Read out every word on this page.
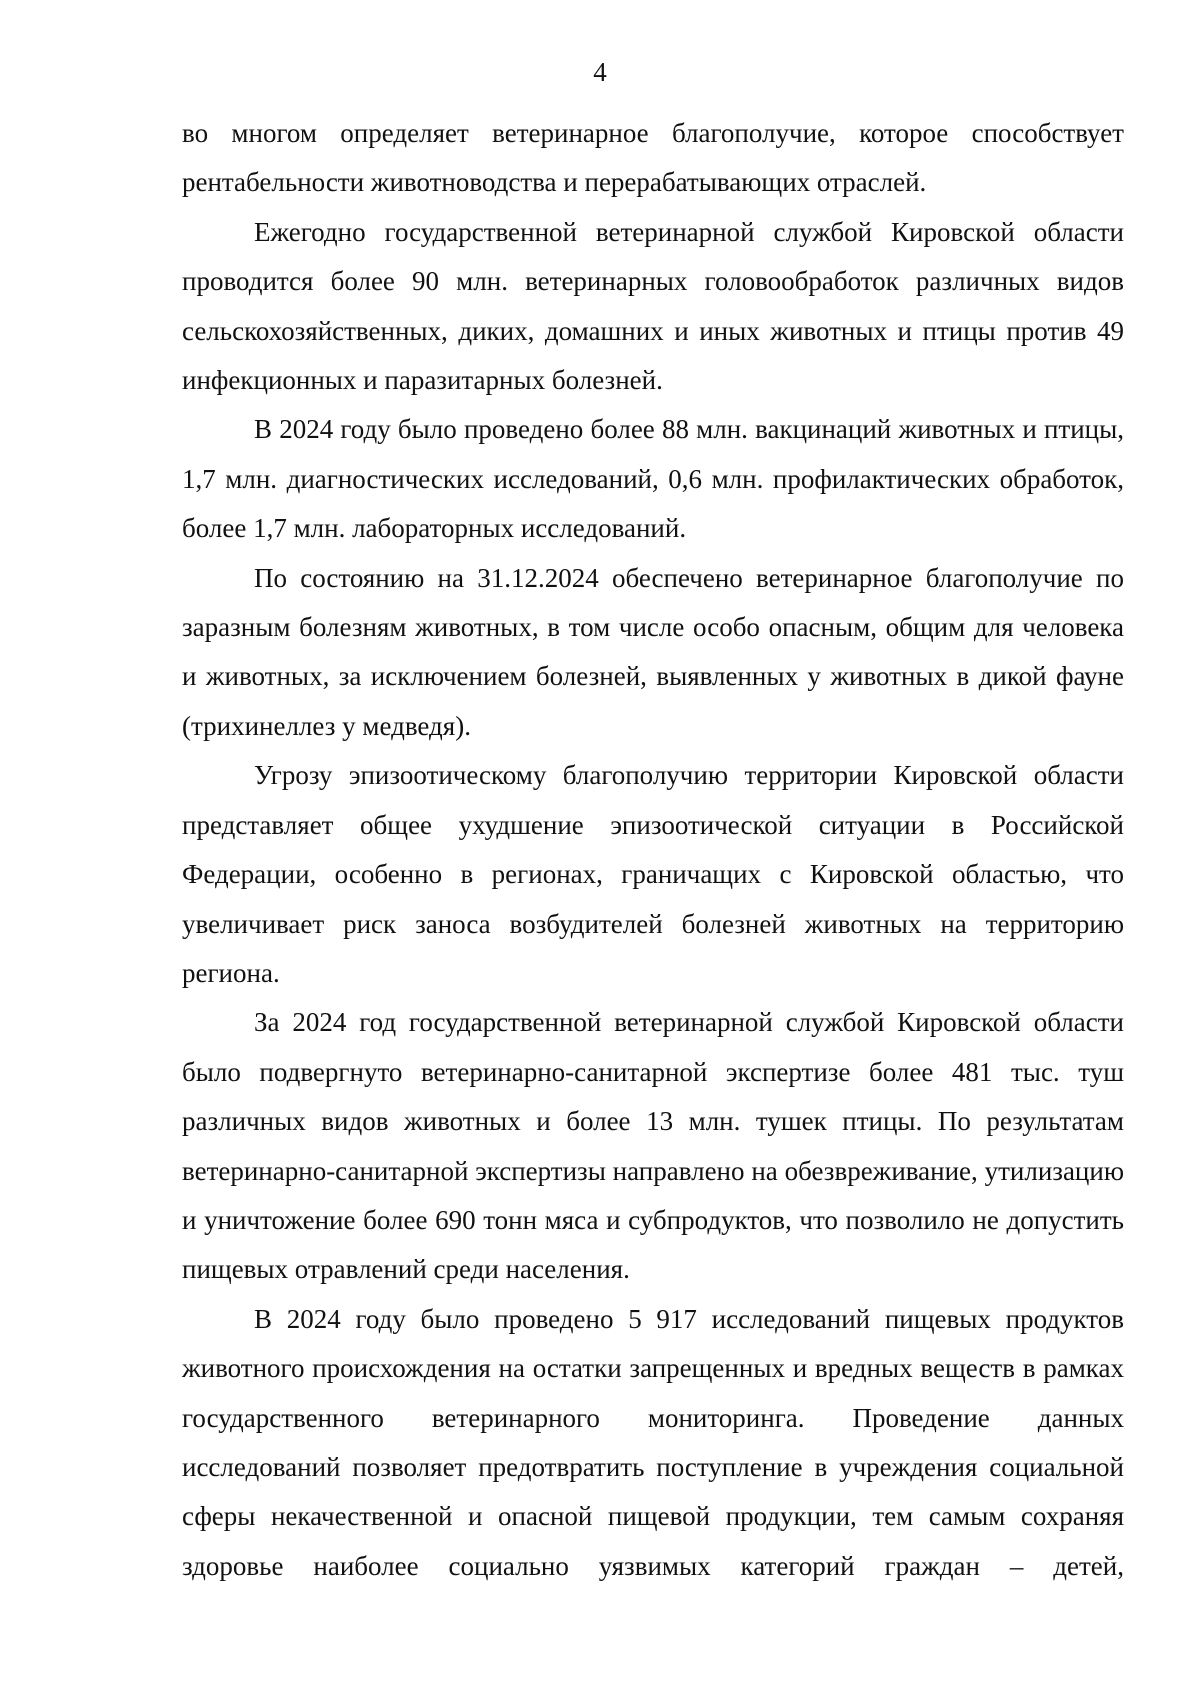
4

во многом определяет ветеринарное благополучие, которое способствует рентабельности животноводства и перерабатывающих отраслей.

Ежегодно государственной ветеринарной службой Кировской области проводится более 90 млн. ветеринарных головообработок различных видов сельскохозяйственных, диких, домашних и иных животных и птицы против 49 инфекционных и паразитарных болезней.

В 2024 году было проведено более 88 млн. вакцинаций животных и птицы, 1,7 млн. диагностических исследований, 0,6 млн. профилактических обработок, более 1,7 млн. лабораторных исследований.

По состоянию на 31.12.2024 обеспечено ветеринарное благополучие по заразным болезням животных, в том числе особо опасным, общим для человека и животных, за исключением болезней, выявленных у животных в дикой фауне (трихинеллез у медведя).

Угрозу эпизоотическому благополучию территории Кировской области представляет общее ухудшение эпизоотической ситуации в Российской Федерации, особенно в регионах, граничащих с Кировской областью, что увеличивает риск заноса возбудителей болезней животных на территорию региона.

За 2024 год государственной ветеринарной службой Кировской области было подвергнуто ветеринарно-санитарной экспертизе более 481 тыс. туш различных видов животных и более 13 млн. тушек птицы. По результатам ветеринарно-санитарной экспертизы направлено на обезвреживание, утилизацию и уничтожение более 690 тонн мяса и субпродуктов, что позволило не допустить пищевых отравлений среди населения.

В 2024 году было проведено 5 917 исследований пищевых продуктов животного происхождения на остатки запрещенных и вредных веществ в рамках государственного ветеринарного мониторинга. Проведение данных исследований позволяет предотвратить поступление в учреждения социальной сферы некачественной и опасной пищевой продукции, тем самым сохраняя здоровье наиболее социально уязвимых категорий граждан – детей,
